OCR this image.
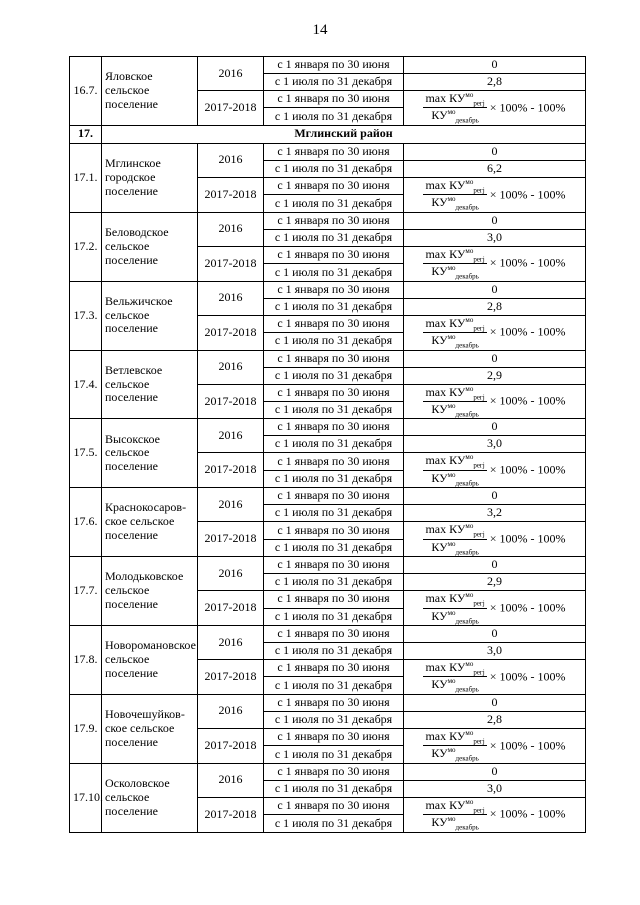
14
16.7.	Яловское сельское поселение	2016	с 1 января по 30 июня	0
			с 1 июля по 31 декабря	2,8
		2017-2018	с 1 января по 30 июня	$\frac{\max КУ^{мо}_{регj}}{КУ^{мо}_{декабрь}} \times 100\% - 100\%$
			с 1 июля по 31 декабря	
17.	Мглинский район			
17.1.	Мглинское городское поселение	2016	с 1 января по 30 июня	0
			с 1 июля по 31 декабря	6,2
		2017-2018	с 1 января по 30 июня	$\frac{\max КУ^{мо}_{регj}}{КУ^{мо}_{декабрь}} \times 100\% - 100\%$
			с 1 июля по 31 декабря	
17.2.	Беловодское сельское поселение	2016	с 1 января по 30 июня	0
			с 1 июля по 31 декабря	3,0
		2017-2018	с 1 января по 30 июня	$\frac{\max КУ^{мо}_{регj}}{КУ^{мо}_{декабрь}} \times 100\% - 100\%$
			с 1 июля по 31 декабря	
17.3.	Вельжичское сельское поселение	2016	с 1 января по 30 июня	0
			с 1 июля по 31 декабря	2,8
		2017-2018	с 1 января по 30 июня	$\frac{\max КУ^{мо}_{регj}}{КУ^{мо}_{декабрь}} \times 100\% - 100\%$
			с 1 июля по 31 декабря	
17.4.	Ветлевское сельское поселение	2016	с 1 января по 30 июня	0
			с 1 июля по 31 декабря	2,9
		2017-2018	с 1 января по 30 июня	$\frac{\max КУ^{мо}_{регj}}{КУ^{мо}_{декабрь}} \times 100\% - 100\%$
			с 1 июля по 31 декабря	
17.5.	Высокское сельское поселение	2016	с 1 января по 30 июня	0
			с 1 июля по 31 декабря	3,0
		2017-2018	с 1 января по 30 июня	$\frac{\max КУ^{мо}_{регj}}{КУ^{мо}_{декабрь}} \times 100\% - 100\%$
			с 1 июля по 31 декабря	
17.6.	Краснокосаров-ское сельское поселение	2016	с 1 января по 30 июня	0
			с 1 июля по 31 декабря	3,2
		2017-2018	с 1 января по 30 июня	$\frac{\max КУ^{мо}_{регj}}{КУ^{мо}_{декабрь}} \times 100\% - 100\%$
			с 1 июля по 31 декабря	
17.7.	Молодьковское сельское поселение	2016	с 1 января по 30 июня	0
			с 1 июля по 31 декабря	2,9
		2017-2018	с 1 января по 30 июня	$\frac{\max КУ^{мо}_{регj}}{КУ^{мо}_{декабрь}} \times 100\% - 100\%$
			с 1 июля по 31 декабря	
17.8.	Новоромановское сельское поселение	2016	с 1 января по 30 июня	0
			с 1 июля по 31 декабря	3,0
		2017-2018	с 1 января по 30 июня	$\frac{\max КУ^{мо}_{регj}}{КУ^{мо}_{декабрь}} \times 100\% - 100\%$
			с 1 июля по 31 декабря	
17.9.	Новочешуйков-ское сельское поселение	2016	с 1 января по 30 июня	0
			с 1 июля по 31 декабря	2,8
		2017-2018	с 1 января по 30 июня	$\frac{\max КУ^{мо}_{регj}}{КУ^{мо}_{декабрь}} \times 100\% - 100\%$
			с 1 июля по 31 декабря	
17.10.	Осколовское сельское поселение	2016	с 1 января по 30 июня	0
			с 1 июля по 31 декабря	3,0
		2017-2018	с 1 января по 30 июня	$\frac{\max КУ^{мо}_{регj}}{КУ^{мо}_{декабрь}} \times 100\% - 100\%$
			с 1 июля по 31 декабря	
